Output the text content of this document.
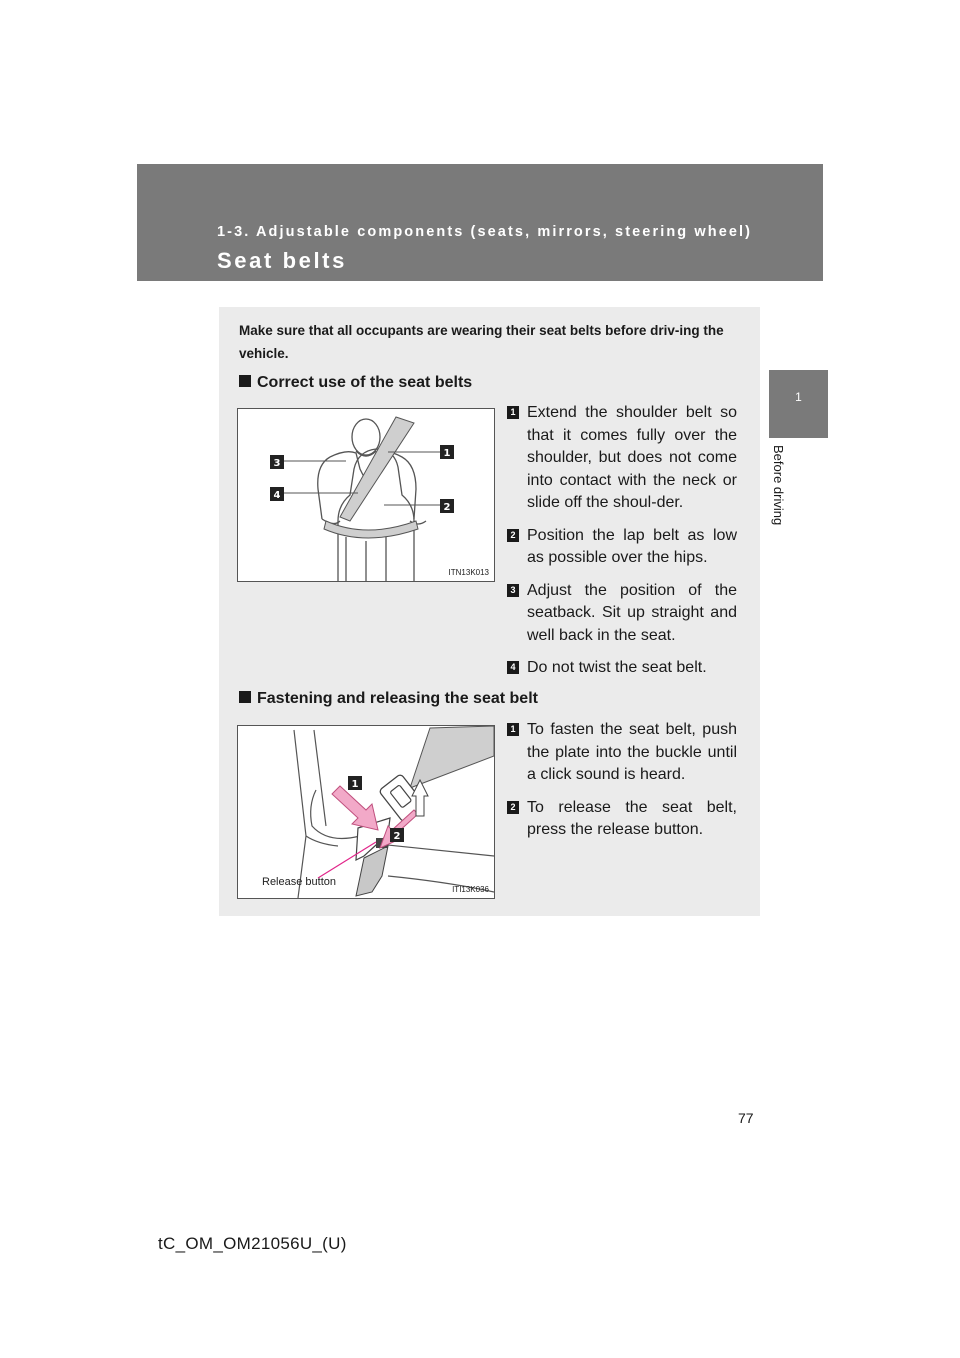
1-3. Adjustable components (seats, mirrors, steering wheel)
Seat belts
1
Before driving
Make sure that all occupants are wearing their seat belts before driv-ing the vehicle.
Correct use of the seat belts
3
4
1
2
ITN13K013
1 Extend the shoulder belt so that it comes fully over the shoulder, but does not come into contact with the neck or slide off the shoul-der.
2 Position the lap belt as low as possible over the hips.
3 Adjust the position of the seatback. Sit up straight and well back in the seat.
4 Do not twist the seat belt.
Fastening and releasing the seat belt
1
2
Release button
ITI13K036
1 To fasten the seat belt, push the plate into the buckle until a click sound is heard.
2 To release the seat belt, press the release button.
77
tC_OM_OM21056U_(U)
